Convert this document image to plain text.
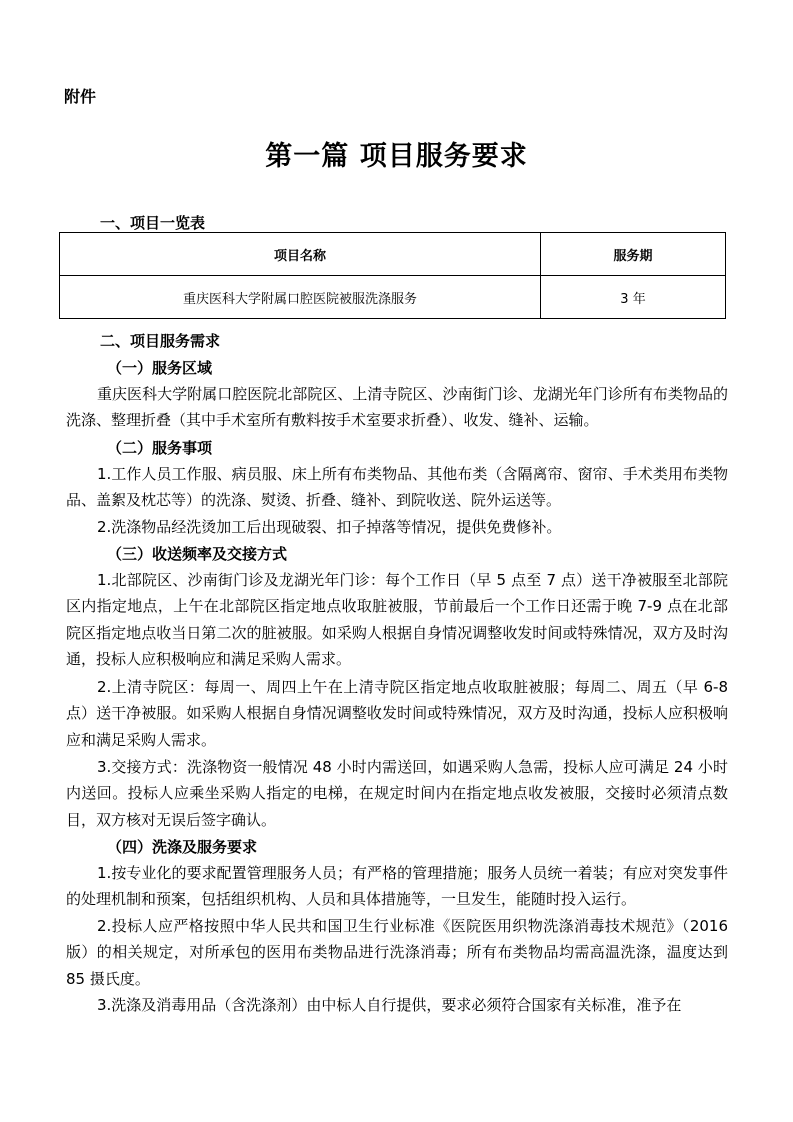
附件
第一篇 项目服务要求
一、项目一览表
项目名称	服务期
重庆医科大学附属口腔医院被服洗涤服务	3 年
二、项目服务需求
（一）服务区域
重庆医科大学附属口腔医院北部院区、上清寺院区、沙南街门诊、龙湖光年门诊所有布类物品的洗涤、整理折叠（其中手术室所有敷料按手术室要求折叠）、收发、缝补、运输。
（二）服务事项
1.工作人员工作服、病员服、床上所有布类物品、其他布类（含隔离帘、窗帘、手术类用布类物品、盖絮及枕芯等）的洗涤、熨烫、折叠、缝补、到院收送、院外运送等。
2.洗涤物品经洗烫加工后出现破裂、扣子掉落等情况，提供免费修补。
（三）收送频率及交接方式
1.北部院区、沙南街门诊及龙湖光年门诊：每个工作日（早 5 点至 7 点）送干净被服至北部院区内指定地点，上午在北部院区指定地点收取脏被服，节前最后一个工作日还需于晚 7-9 点在北部院区指定地点收当日第二次的脏被服。如采购人根据自身情况调整收发时间或特殊情况，双方及时沟通，投标人应积极响应和满足采购人需求。
2.上清寺院区：每周一、周四上午在上清寺院区指定地点收取脏被服；每周二、周五（早 6-8 点）送干净被服。如采购人根据自身情况调整收发时间或特殊情况，双方及时沟通，投标人应积极响应和满足采购人需求。
3.交接方式：洗涤物资一般情况 48 小时内需送回，如遇采购人急需，投标人应可满足 24 小时内送回。投标人应乘坐采购人指定的电梯，在规定时间内在指定地点收发被服，交接时必须清点数目，双方核对无误后签字确认。
（四）洗涤及服务要求
1.按专业化的要求配置管理服务人员；有严格的管理措施；服务人员统一着装；有应对突发事件的处理机制和预案，包括组织机构、人员和具体措施等，一旦发生，能随时投入运行。
2.投标人应严格按照中华人民共和国卫生行业标准《医院医用织物洗涤消毒技术规范》（2016 版）的相关规定，对所承包的医用布类物品进行洗涤消毒；所有布类物品均需高温洗涤，温度达到 85 摄氏度。
3.洗涤及消毒用品（含洗涤剂）由中标人自行提供，要求必须符合国家有关标准，准予在
